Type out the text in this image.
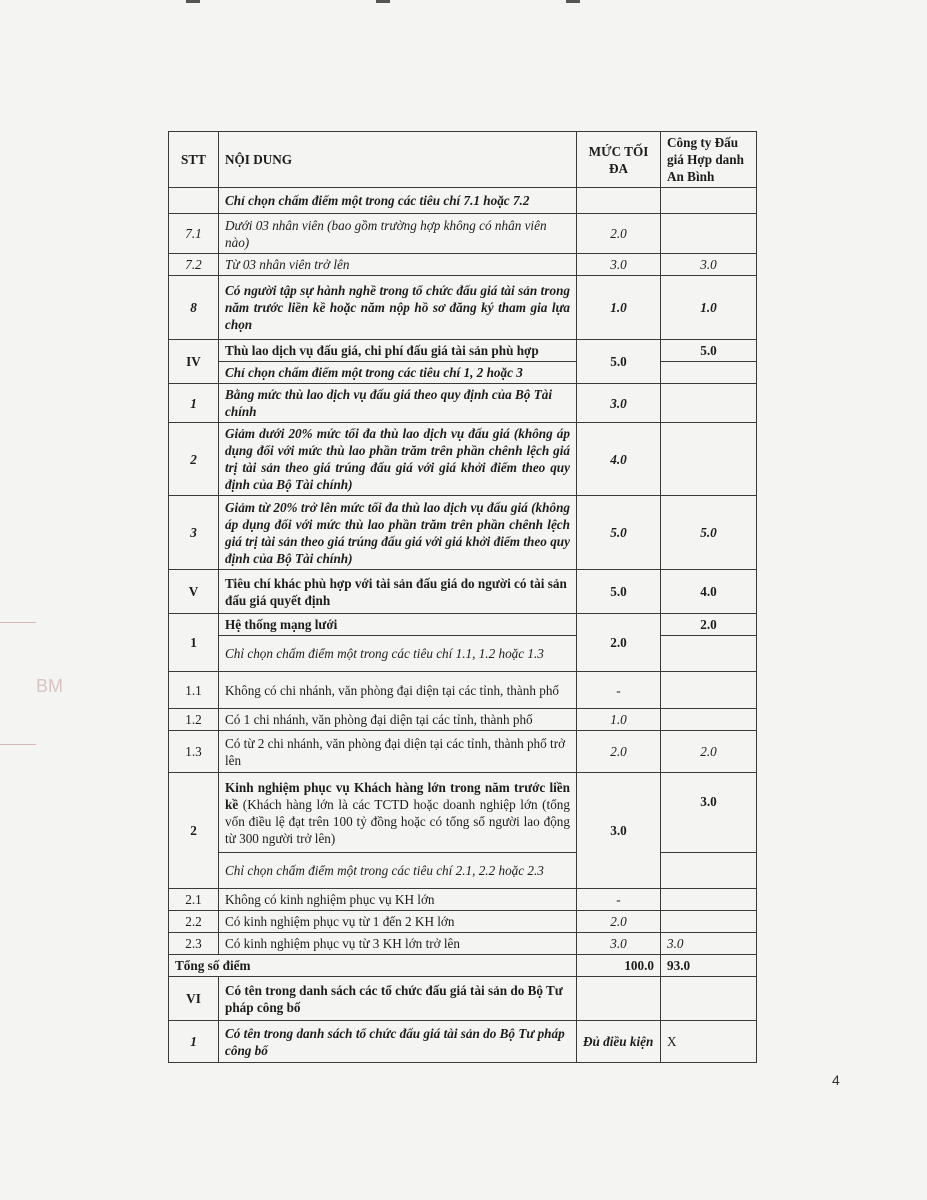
BM
STT	NỘI DUNG	MỨC TỐI ĐA	Công ty Đấu giá Hợp danh An Bình
	Chỉ chọn chấm điểm một trong các tiêu chí 7.1 hoặc 7.2		
7.1	Dưới 03 nhân viên (bao gồm trường hợp không có nhân viên nào)	2.0	
7.2	Từ 03 nhân viên trở lên	3.0	3.0
8	Có người tập sự hành nghề trong tổ chức đấu giá tài sản trong năm trước liền kề hoặc năm nộp hồ sơ đăng ký tham gia lựa chọn	1.0	1.0
IV	Thù lao dịch vụ đấu giá, chi phí đấu giá tài sản phù hợp	5.0	5.0
	Chỉ chọn chấm điểm một trong các tiêu chí 1, 2 hoặc 3		
1	Bằng mức thù lao dịch vụ đấu giá theo quy định của Bộ Tài chính	3.0	
2	Giảm dưới 20% mức tối đa thù lao dịch vụ đấu giá (không áp dụng đối với mức thù lao phần trăm trên phần chênh lệch giá trị tài sản theo giá trúng đấu giá với giá khởi điểm theo quy định của Bộ Tài chính)	4.0	
3	Giảm từ 20% trở lên mức tối đa thù lao dịch vụ đấu giá (không áp dụng đối với mức thù lao phần trăm trên phần chênh lệch giá trị tài sản theo giá trúng đấu giá với giá khởi điểm theo quy định của Bộ Tài chính)	5.0	5.0
V	Tiêu chí khác phù hợp với tài sản đấu giá do người có tài sản đấu giá quyết định	5.0	4.0
1	Hệ thống mạng lưới	2.0	2.0
	Chỉ chọn chấm điểm một trong các tiêu chí 1.1, 1.2 hoặc 1.3		
1.1	Không có chi nhánh, văn phòng đại diện tại các tỉnh, thành phố	-	
1.2	Có 1 chi nhánh, văn phòng đại diện tại các tỉnh, thành phố	1.0	
1.3	Có từ 2 chi nhánh, văn phòng đại diện tại các tỉnh, thành phố trở lên	2.0	2.0
2	Kinh nghiệm phục vụ Khách hàng lớn trong năm trước liền kề (Khách hàng lớn là các TCTD hoặc doanh nghiệp lớn (tổng vốn điều lệ đạt trên 100 tỷ đồng hoặc có tổng số người lao động từ 300 người trở lên)	3.0	3.0
	Chỉ chọn chấm điểm một trong các tiêu chí 2.1, 2.2 hoặc 2.3		
2.1	Không có kinh nghiệm phục vụ KH lớn	-	
2.2	Có kinh nghiệm phục vụ từ 1 đến 2 KH lớn	2.0	
2.3	Có kinh nghiệm phục vụ từ 3 KH lớn trở lên	3.0	3.0
Tổng số điểm		100.0	93.0
VI	Có tên trong danh sách các tổ chức đấu giá tài sản do Bộ Tư pháp công bố		
1	Có tên trong danh sách tổ chức đấu giá tài sản do Bộ Tư pháp công bố	Đủ điều kiện	X
4
